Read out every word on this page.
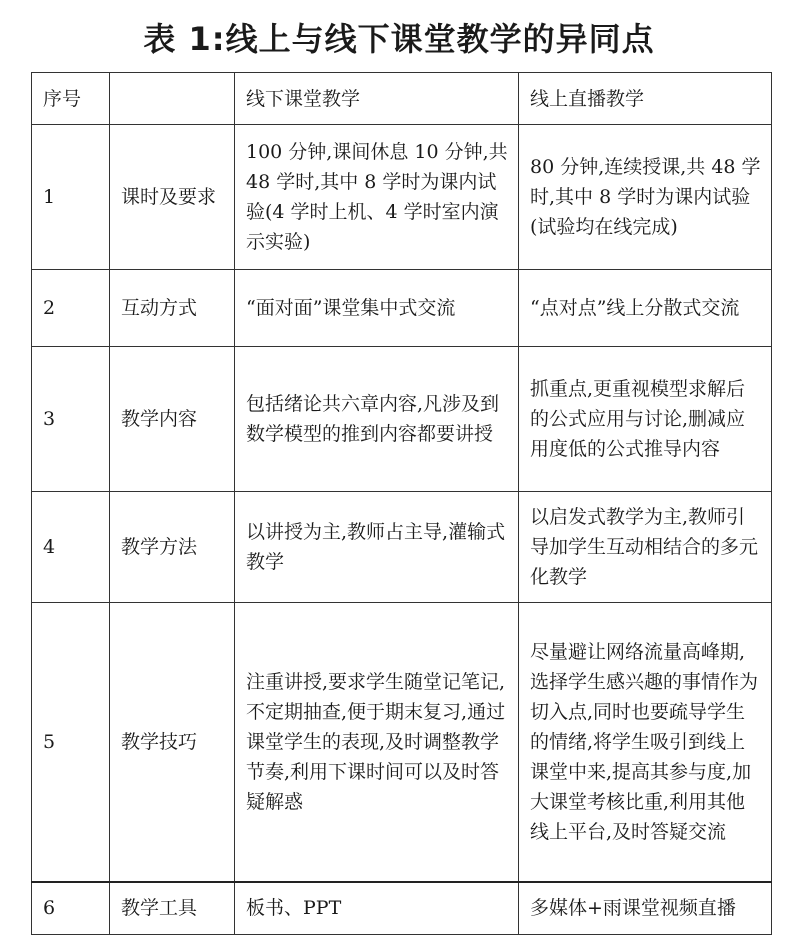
表 1:线上与线下课堂教学的异同点
序号		线下课堂教学	线上直播教学
1	课时及要求	100 分钟,课间休息 10 分钟,共 48 学时,其中 8 学时为课内试验(4 学时上机、4 学时室内演示实验)	80 分钟,连续授课,共 48 学时,其中 8 学时为课内试验(试验均在线完成)
2	互动方式	“面对面”课堂集中式交流	“点对点”线上分散式交流
3	教学内容	包括绪论共六章内容,凡涉及到数学模型的推到内容都要讲授	抓重点,更重视模型求解后的公式应用与讨论,删减应用度低的公式推导内容
4	教学方法	以讲授为主,教师占主导,灌输式教学	以启发式教学为主,教师引导加学生互动相结合的多元化教学
5	教学技巧	注重讲授,要求学生随堂记笔记,不定期抽查,便于期末复习,通过课堂学生的表现,及时调整教学节奏,利用下课时间可以及时答疑解惑	尽量避让网络流量高峰期,选择学生感兴趣的事情作为切入点,同时也要疏导学生的情绪,将学生吸引到线上课堂中来,提高其参与度,加大课堂考核比重,利用其他线上平台,及时答疑交流
6	教学工具	板书、PPT	多媒体+雨课堂视频直播
